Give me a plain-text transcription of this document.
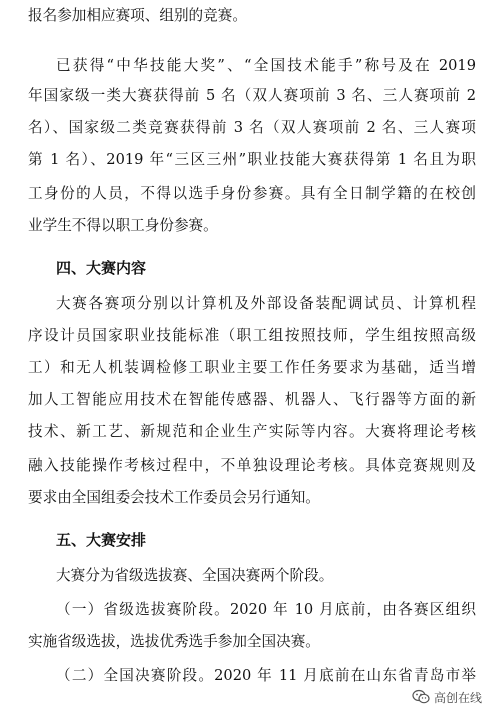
报名参加相应赛项、组别的竞赛。
已获得“中华技能大奖”、“全国技术能手”称号及在 2019
年国家级一类大赛获得前 5 名（双人赛项前 3 名、三人赛项前 2
名）、国家级二类竞赛获得前 3 名（双人赛项前 2 名、三人赛项
第 1 名）、2019 年“三区三州”职业技能大赛获得第 1 名且为职
工身份的人员，不得以选手身份参赛。具有全日制学籍的在校创
业学生不得以职工身份参赛。
大赛各赛项分别以计算机及外部设备装配调试员、计算机程
序设计员国家职业技能标准（职工组按照技师，学生组按照高级
工）和无人机装调检修工职业主要工作任务要求为基础，适当增
加人工智能应用技术在智能传感器、机器人、飞行器等方面的新
技术、新工艺、新规范和企业生产实际等内容。大赛将理论考核
融入技能操作考核过程中，不单独设理论考核。具体竞赛规则及
要求由全国组委会技术工作委员会另行通知。
大赛分为省级选拔赛、全国决赛两个阶段。
（一）省级选拔赛阶段。2020 年 10 月底前，由各赛区组织
实施省级选拔，选拔优秀选手参加全国决赛。
（二）全国决赛阶段。2020 年 11 月底前在山东省青岛市举
四、大赛内容
五、大赛安排
高创在线
